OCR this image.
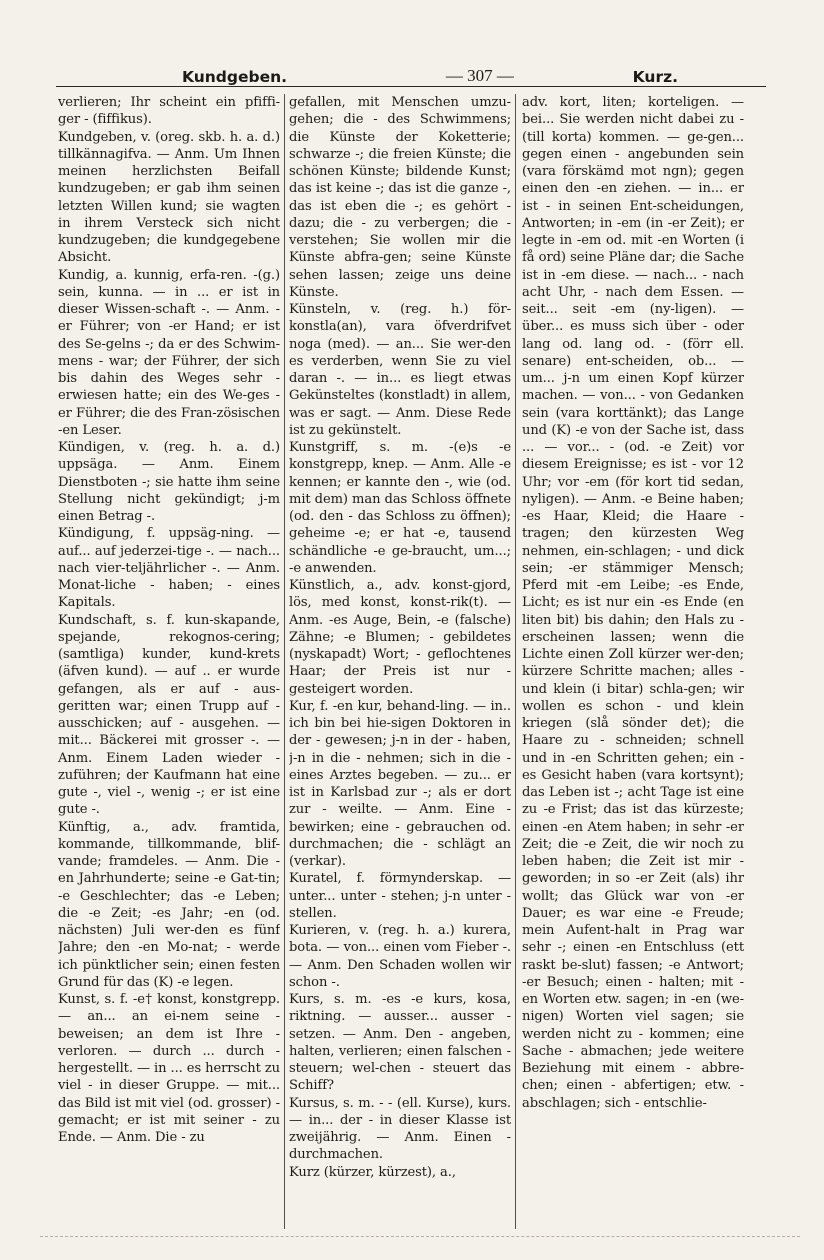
Kundgeben.	— 307 —	Kurz.

verlieren; Ihr scheint ein pfiffi-ger - (fiffikus).
Kundgeben, v. (oreg. skb. h. a. d.) tillkännagifva. — Anm. Um Ihnen meinen herzlichsten Beifall kundzugeben; er gab ihm seinen letzten Willen kund; sie wagten in ihrem Versteck sich nicht kundzugeben; die kundgegebene Absicht.
Kundig, a. kunnig, erfa-ren. -(g.) sein, kunna. — in ... er ist in dieser Wissen-schaft -. — Anm. -er Führer; von -er Hand; er ist des Se-gelns -; da er des Schwim-mens - war; der Führer, der sich bis dahin des Weges sehr - erwiesen hatte; ein des We-ges -er Führer; die des Fran-zösischen -en Leser.
Kündigen, v. (reg. h. a. d.) uppsäga. — Anm. Einem Dienstboten -; sie hatte ihm seine Stellung nicht gekündigt; j-m einen Betrag -.
Kündigung, f. uppsäg-ning. — auf... auf jederzei-tige -. — nach... nach vier-teljährlicher -. — Anm. Monat-liche - haben; - eines Kapitals.
Kundschaft, s. f. kun-skapande, spejande, rekognos-cering;(samtliga) kunder, kund-krets (äfven kund). — auf .. er wurde gefangen, als er auf - aus-geritten war; einen Trupp auf - ausschicken; auf - ausgehen. — mit... Bäckerei mit grosser -. — Anm. Einem Laden wieder - zuführen; der Kaufmann hat eine gute -, viel -, wenig -; er ist eine gute -.
Künftig, a., adv. framtida, kommande, tillkommande, blif-vande; framdeles. — Anm. Die -en Jahrhunderte; seine -e Gat-tin; -e Geschlechter; das -e Leben; die -e Zeit; -es Jahr; -en (od. nächsten) Juli wer-den es fünf Jahre; den -en Mo-nat; - werde ich pünktlicher sein; einen festen Grund für das (K) -e legen.
Kunst, s. f. -e† konst, konstgrepp. — an... an ei-nem seine - beweisen; an dem ist Ihre - verloren. — durch ... durch - hergestellt. — in ... es herrscht zu viel - in dieser Gruppe. — mit... das Bild ist mit viel (od. grosser) - gemacht; er ist mit seiner - zu Ende. — Anm. Die - zu

gefallen, mit Menschen umzu-gehen; die - des Schwimmens; die Künste der Koketterie; schwarze -; die freien Künste; die schönen Künste; bildende Kunst; das ist keine -; das ist die ganze -, das ist eben die -; es gehört - dazu; die - zu verbergen; die - verstehen; Sie wollen mir die Künste abfra-gen; seine Künste sehen lassen; zeige uns deine Künste.
Künsteln, v. (reg. h.) för-konstla(an), vara öfverdrifvet noga (med). — an... Sie wer-den es verderben, wenn Sie zu viel daran -. — in... es liegt etwas Gekünsteltes (konstladt) in allem, was er sagt. — Anm. Diese Rede ist zu gekünstelt.
Kunstgriff, s. m. -(e)s -e konstgrepp, knep. — Anm. Alle -e kennen; er kannte den -, wie (od. mit dem) man das Schloss öffnete (od. den - das Schloss zu öffnen); geheime -e; er hat -e, tausend schändliche -e ge-braucht, um...; -e anwenden.
Künstlich, a., adv. konst-gjord, lös, med konst, konst-rik(t). — Anm. -es Auge, Bein, -e (falsche) Zähne; -e Blumen; - gebildetes (nyskapadt) Wort; - geflochtenes Haar; der Preis ist nur - gesteigert worden.
Kur, f. -en kur, behand-ling. — in.. ich bin bei hie-sigen Doktoren in der - gewesen; j-n in der - haben, j-n in die - nehmen; sich in die - eines Arztes begeben. — zu... er ist in Karlsbad zur -; als er dort zur - weilte. — Anm. Eine - bewirken; eine - gebrauchen od. durchmachen; die - schlägt an (verkar).
Kuratel, f. förmynderskap. — unter... unter - stehen; j-n unter - stellen.
Kurieren, v. (reg. h. a.) kurera, bota. — von... einen vom Fieber -. — Anm. Den Schaden wollen wir schon -.
Kurs, s. m. -es -e kurs, kosa, riktning. — ausser... ausser - setzen. — Anm. Den - angeben, halten, verlieren; einen falschen - steuern; wel-chen - steuert das Schiff?
Kursus, s. m. - - (ell. Kurse), kurs. — in... der - in dieser Klasse ist zweijährig. — Anm. Einen - durchmachen.
Kurz (kürzer, kürzest), a.,

adv. kort, liten; korteligen. — bei... Sie werden nicht dabei zu - (till korta) kommen. — ge-gen... gegen einen - angebunden sein (vara förskämd mot ngn); gegen einen den -en ziehen. — in... er ist - in seinen Ent-scheidungen, Antworten; in -em (in -er Zeit); er legte in -em od. mit -en Worten (i få ord) seine Pläne dar; die Sache ist in -em diese. — nach... - nach acht Uhr, - nach dem Essen. — seit... seit -em (ny-ligen). — über... es muss sich über - oder lang od. lang od. - (förr ell. senare) ent-scheiden, ob... — um... j-n um einen Kopf kürzer machen. — von... - von Gedanken sein (vara korttänkt); das Lange und (K) -e von der Sache ist, dass ... — vor... - (od. -e Zeit) vor diesem Ereignisse; es ist - vor 12 Uhr; vor -em (för kort tid sedan, nyligen). — Anm. -e Beine haben; -es Haar, Kleid; die Haare - tragen; den kürzesten Weg nehmen, ein-schlagen; - und dick sein; -er stämmiger Mensch; Pferd mit -em Leibe; -es Ende, Licht; es ist nur ein -es Ende (en liten bit) bis dahin; den Hals zu - erscheinen lassen; wenn die Lichte einen Zoll kürzer wer-den; kürzere Schritte machen; alles - und klein (i bitar) schla-gen; wir wollen es schon - und klein kriegen (slå sönder det); die Haare zu - schneiden; schnell und in -en Schritten gehen; ein -es Gesicht haben (vara kortsynt); das Leben ist -; acht Tage ist eine zu -e Frist; das ist das kürzeste; einen -en Atem haben; in sehr -er Zeit; die -e Zeit, die wir noch zu leben haben; die Zeit ist mir - geworden; in so -er Zeit (als) ihr wollt; das Glück war von -er Dauer; es war eine -e Freude; mein Aufent-halt in Prag war sehr -; einen -en Entschluss (ett raskt be-slut) fassen; -e Antwort; -er Besuch; einen - halten; mit -en Worten etw. sagen; in -en (we-nigen) Worten viel sagen; sie werden nicht zu - kommen; eine Sache - abmachen; jede weitere Beziehung mit einem - abbre-chen; einen - abfertigen; etw. - abschlagen; sich - entschlie-
